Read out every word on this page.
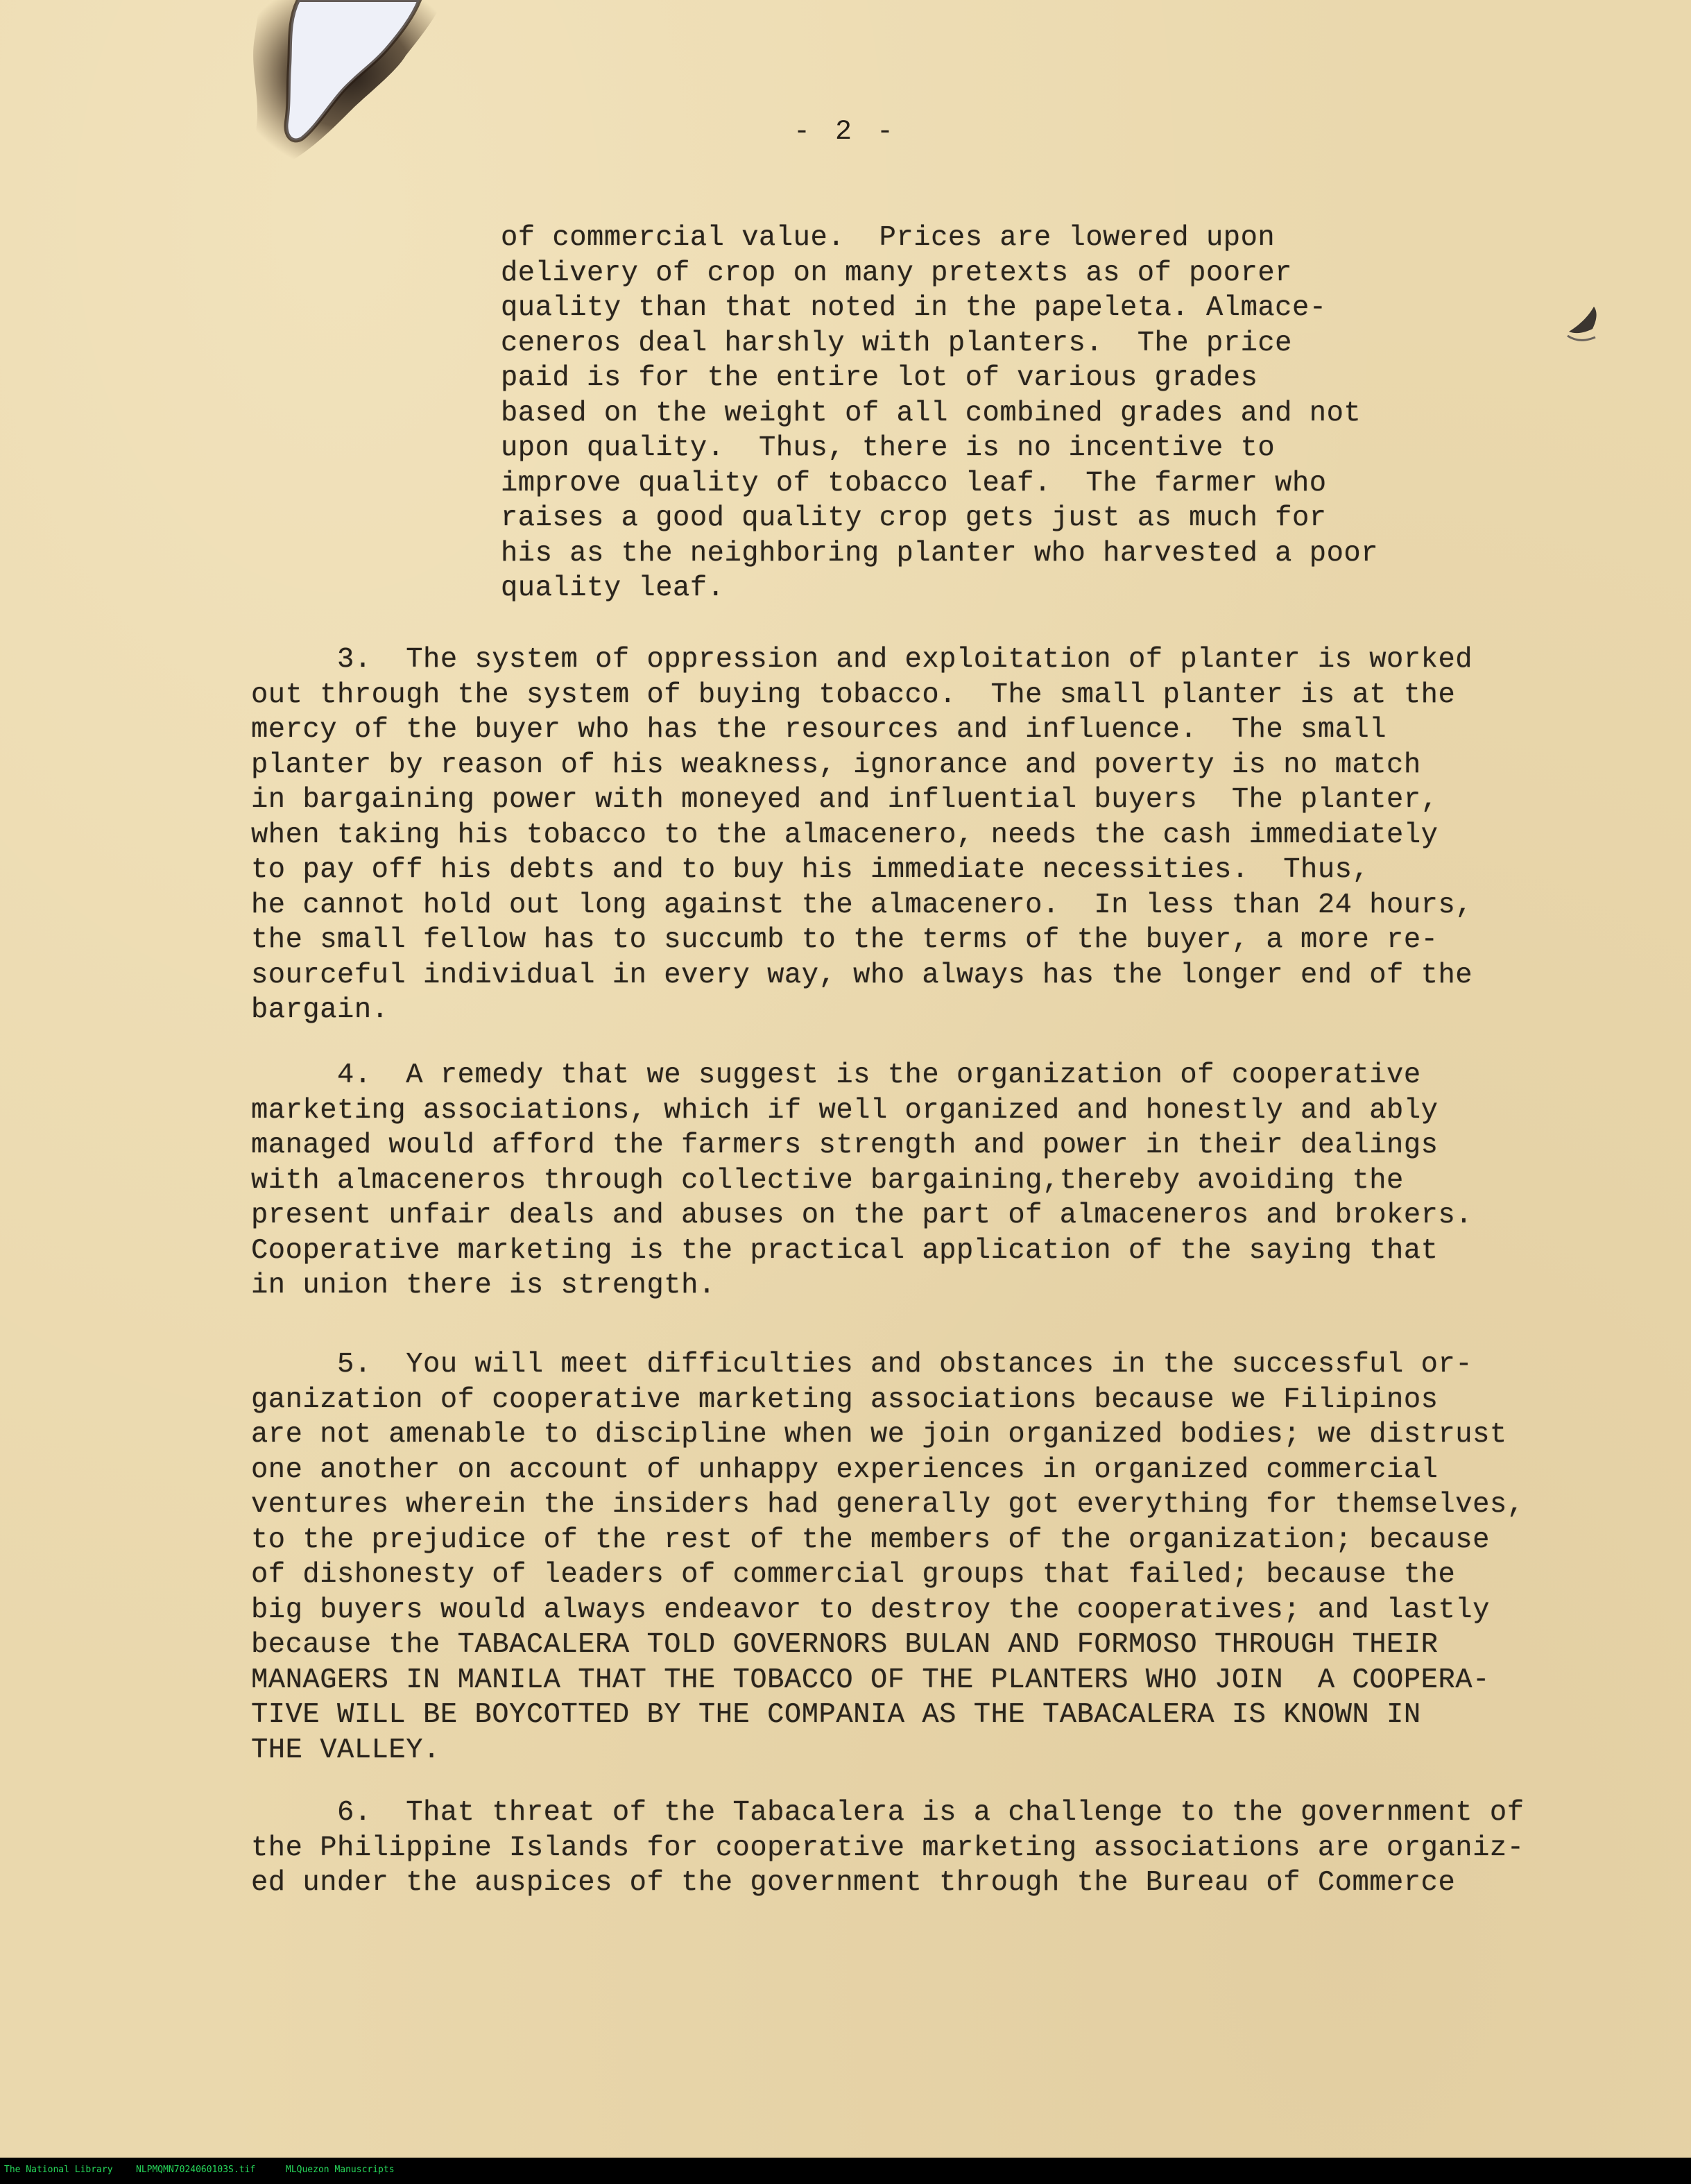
- 2 -
of commercial value.  Prices are lowered upon
delivery of crop on many pretexts as of poorer
quality than that noted in the papeleta. Almace-
ceneros deal harshly with planters.  The price
paid is for the entire lot of various grades
based on the weight of all combined grades and not
upon quality.  Thus, there is no incentive to
improve quality of tobacco leaf.  The farmer who
raises a good quality crop gets just as much for
his as the neighboring planter who harvested a poor
quality leaf.
3.  The system of oppression and exploitation of planter is worked
out through the system of buying tobacco.  The small planter is at the
mercy of the buyer who has the resources and influence.  The small
planter by reason of his weakness, ignorance and poverty is no match
in bargaining power with moneyed and influential buyers  The planter,
when taking his tobacco to the almacenero, needs the cash immediately
to pay off his debts and to buy his immediate necessities.  Thus,
he cannot hold out long against the almacenero.  In less than 24 hours,
the small fellow has to succumb to the terms of the buyer, a more re-
sourceful individual in every way, who always has the longer end of the
bargain.
4.  A remedy that we suggest is the organization of cooperative
marketing associations, which if well organized and honestly and ably
managed would afford the farmers strength and power in their dealings
with almaceneros through collective bargaining,thereby avoiding the
present unfair deals and abuses on the part of almaceneros and brokers.
Cooperative marketing is the practical application of the saying that
in union there is strength.
5.  You will meet difficulties and obstances in the successful or-
ganization of cooperative marketing associations because we Filipinos
are not amenable to discipline when we join organized bodies; we distrust
one another on account of unhappy experiences in organized commercial
ventures wherein the insiders had generally got everything for themselves,
to the prejudice of the rest of the members of the organization; because
of dishonesty of leaders of commercial groups that failed; because the
big buyers would always endeavor to destroy the cooperatives; and lastly
because the TABACALERA TOLD GOVERNORS BULAN AND FORMOSO THROUGH THEIR
MANAGERS IN MANILA THAT THE TOBACCO OF THE PLANTERS WHO JOIN  A COOPERA-
TIVE WILL BE BOYCOTTED BY THE COMPANIA AS THE TABACALERA IS KNOWN IN
THE VALLEY.
6.  That threat of the Tabacalera is a challenge to the government of
the Philippine Islands for cooperative marketing associations are organiz-
ed under the auspices of the government through the Bureau of Commerce
The National Library	NLPMQMN7024060103S.tif	MLQuezon Manuscripts
